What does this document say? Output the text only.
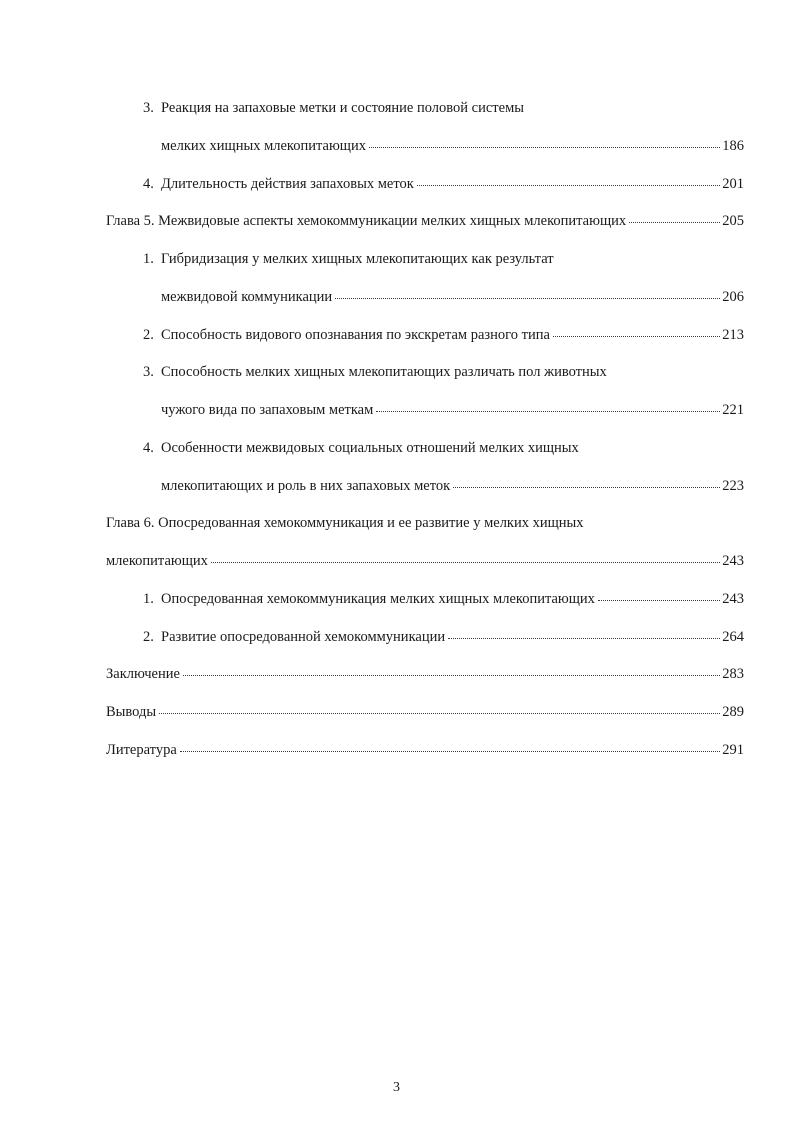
3. Реакция на запаховые метки и состояние половой системы
мелких хищных млекопитающих	186
4. Длительность действия запаховых меток	201
Глава 5. Межвидовые аспекты хемокоммуникации мелких хищных млекопитающих	205
1. Гибридизация у мелких хищных млекопитающих как результат
межвидовой коммуникации	206
2. Способность видового опознавания по экскретам разного типа	213
3. Способность мелких хищных млекопитающих различать пол животных
чужого вида по запаховым меткам	221
4. Особенности межвидовых социальных отношений мелких хищных
млекопитающих и роль в них запаховых меток	223
Глава 6. Опосредованная хемокоммуникация и ее развитие у мелких хищных
млекопитающих	243
1. Опосредованная хемокоммуникация мелких хищных млекопитающих	243
2. Развитие опосредованной хемокоммуникации	264
Заключение	283
Выводы	289
Литература	291
3
